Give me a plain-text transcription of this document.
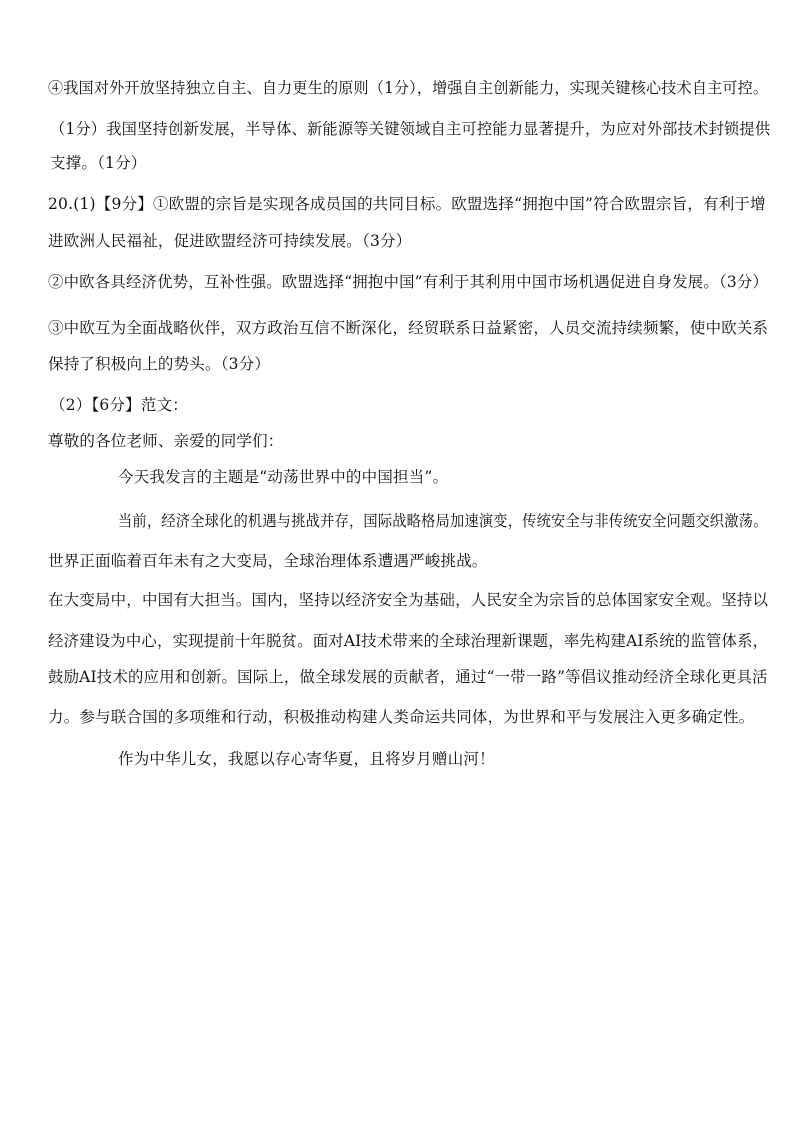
④我国对外开放坚持独立自主、自力更生的原则（1分），增强自主创新能力，实现关键核心技术自主可控。
（1分）我国坚持创新发展，半导体、新能源等关键领域自主可控能力显著提升，为应对外部技术封锁提供
支撑。（1分）
20.(1)【9分】①欧盟的宗旨是实现各成员国的共同目标。欧盟选择“拥抱中国”符合欧盟宗旨，有利于增
进欧洲人民福祉，促进欧盟经济可持续发展。（3分）
②中欧各具经济优势，互补性强。欧盟选择“拥抱中国”有利于其利用中国市场机遇促进自身发展。（3分）
③中欧互为全面战略伙伴，双方政治互信不断深化，经贸联系日益紧密，人员交流持续频繁，使中欧关系
保持了积极向上的势头。（3分）
（2）【6分】范文：
尊敬的各位老师、亲爱的同学们：
今天我发言的主题是“动荡世界中的中国担当”。
当前，经济全球化的机遇与挑战并存，国际战略格局加速演变，传统安全与非传统安全问题交织激荡。
世界正面临着百年未有之大变局，全球治理体系遭遇严峻挑战。
在大变局中，中国有大担当。国内，坚持以经济安全为基础，人民安全为宗旨的总体国家安全观。坚持以
经济建设为中心，实现提前十年脱贫。面对AI技术带来的全球治理新课题，率先构建AI系统的监管体系，
鼓励AI技术的应用和创新。国际上，做全球发展的贡献者，通过“一带一路”等倡议推动经济全球化更具活
力。参与联合国的多项维和行动，积极推动构建人类命运共同体，为世界和平与发展注入更多确定性。
作为中华儿女，我愿以存心寄华夏，且将岁月赠山河！
